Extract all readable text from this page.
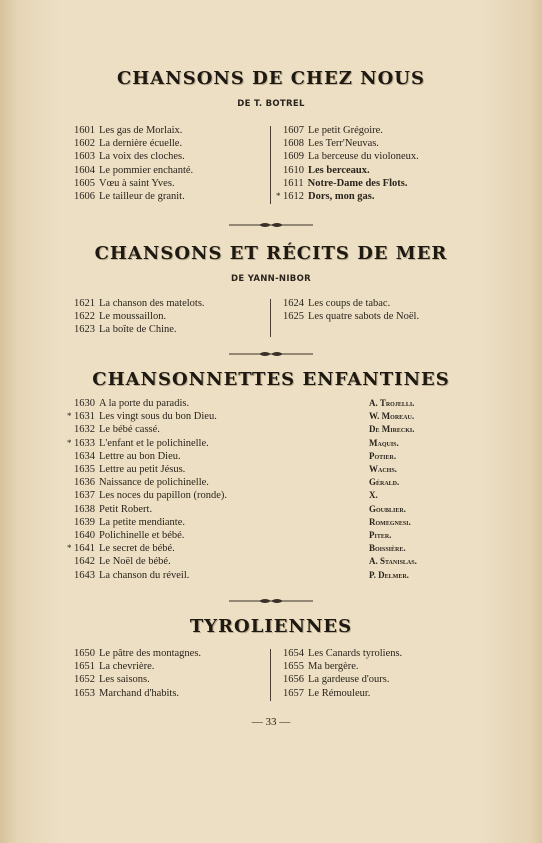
CHANSONS DE CHEZ NOUS
DE T. BOTREL
1601 Les gas de Morlaix.
1602 La dernière écuelle.
1603 La voix des cloches.
1604 Le pommier enchanté.
1605 Vœu à saint Yves.
1606 Le tailleur de granit.
1607 Le petit Grégoire.
1608 Les Terr'Neuvas.
1609 La berceuse du violoneux.
1610 Les berceaux.
1611 Notre-Dame des Flots.
* 1612 Dors, mon gas.
CHANSONS ET RÉCITS DE MER
DE YANN-NIBOR
1621 La chanson des matelots.
1622 Le moussaillon.
1623 La boîte de Chine.
1624 Les coups de tabac.
1625 Les quatre sabots de Noël.
CHANSONNETTES ENFANTINES
1630 A la porte du paradis.
* 1631 Les vingt sous du bon Dieu.
1632 Le bébé cassé.
* 1633 L'enfant et le polichinelle.
1634 Lettre au bon Dieu.
1635 Lettre au petit Jésus.
1636 Naissance de polichinelle.
1637 Les noces du papillon (ronde).
1638 Petit Robert.
1639 La petite mendiante.
1640 Polichinelle et bébé.
* 1641 Le secret de bébé.
1642 Le Noël de bébé.
1643 La chanson du réveil.
A. Trojelli.
W. Moreau.
De Mirecki.
Maquis.
Potier.
Wachs.
Gérald.
X.
Goublier.
Romegnesi.
Piter.
Boissière.
A. Stanislas.
P. Delmer.
TYROLIENNES
1650 Le pâtre des montagnes.
1651 La chevrière.
1652 Les saisons.
1653 Marchand d'habits.
1654 Les Canards tyroliens.
1655 Ma bergère.
1656 La gardeuse d'ours.
1657 Le Rémouleur.
— 33 —
